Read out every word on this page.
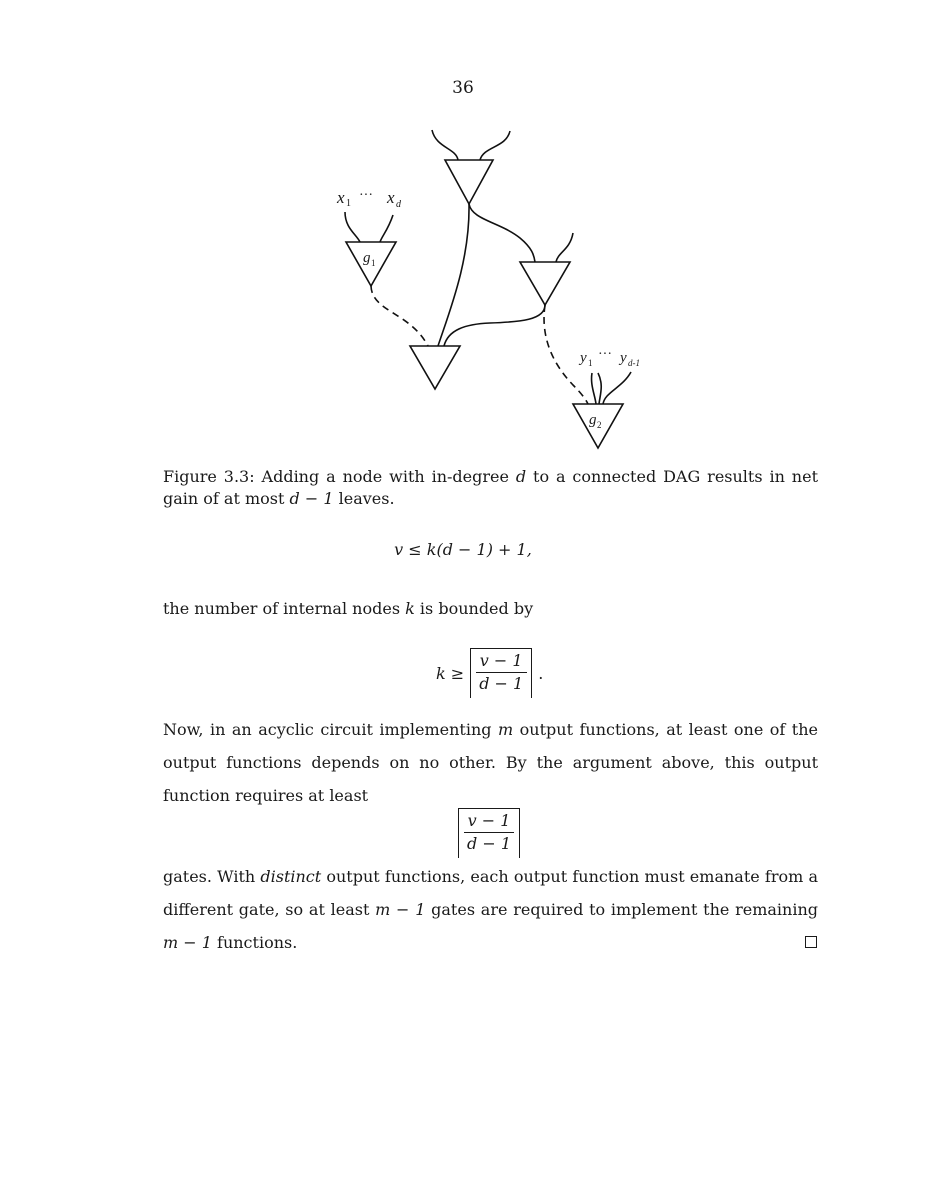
36
x 1
··· x d
g 1
y 1
··· y d-1
g 2
Figure 3.3: Adding a node with in-degree d to a connected DAG results in net gain of at most d − 1 leaves.
v ≤ k(d − 1) + 1,
the number of internal nodes k is bounded by
$k \ge \frac{v - 1}{d - 1}$ .
Now, in an acyclic circuit implementing m output functions, at least one of the output functions depends on no other. By the argument above, this output function requires at least
$\frac{v - 1}{d - 1}$
gates. With distinct output functions, each output function must emanate from a different gate, so at least m − 1 gates are required to implement the remaining m − 1 functions.
